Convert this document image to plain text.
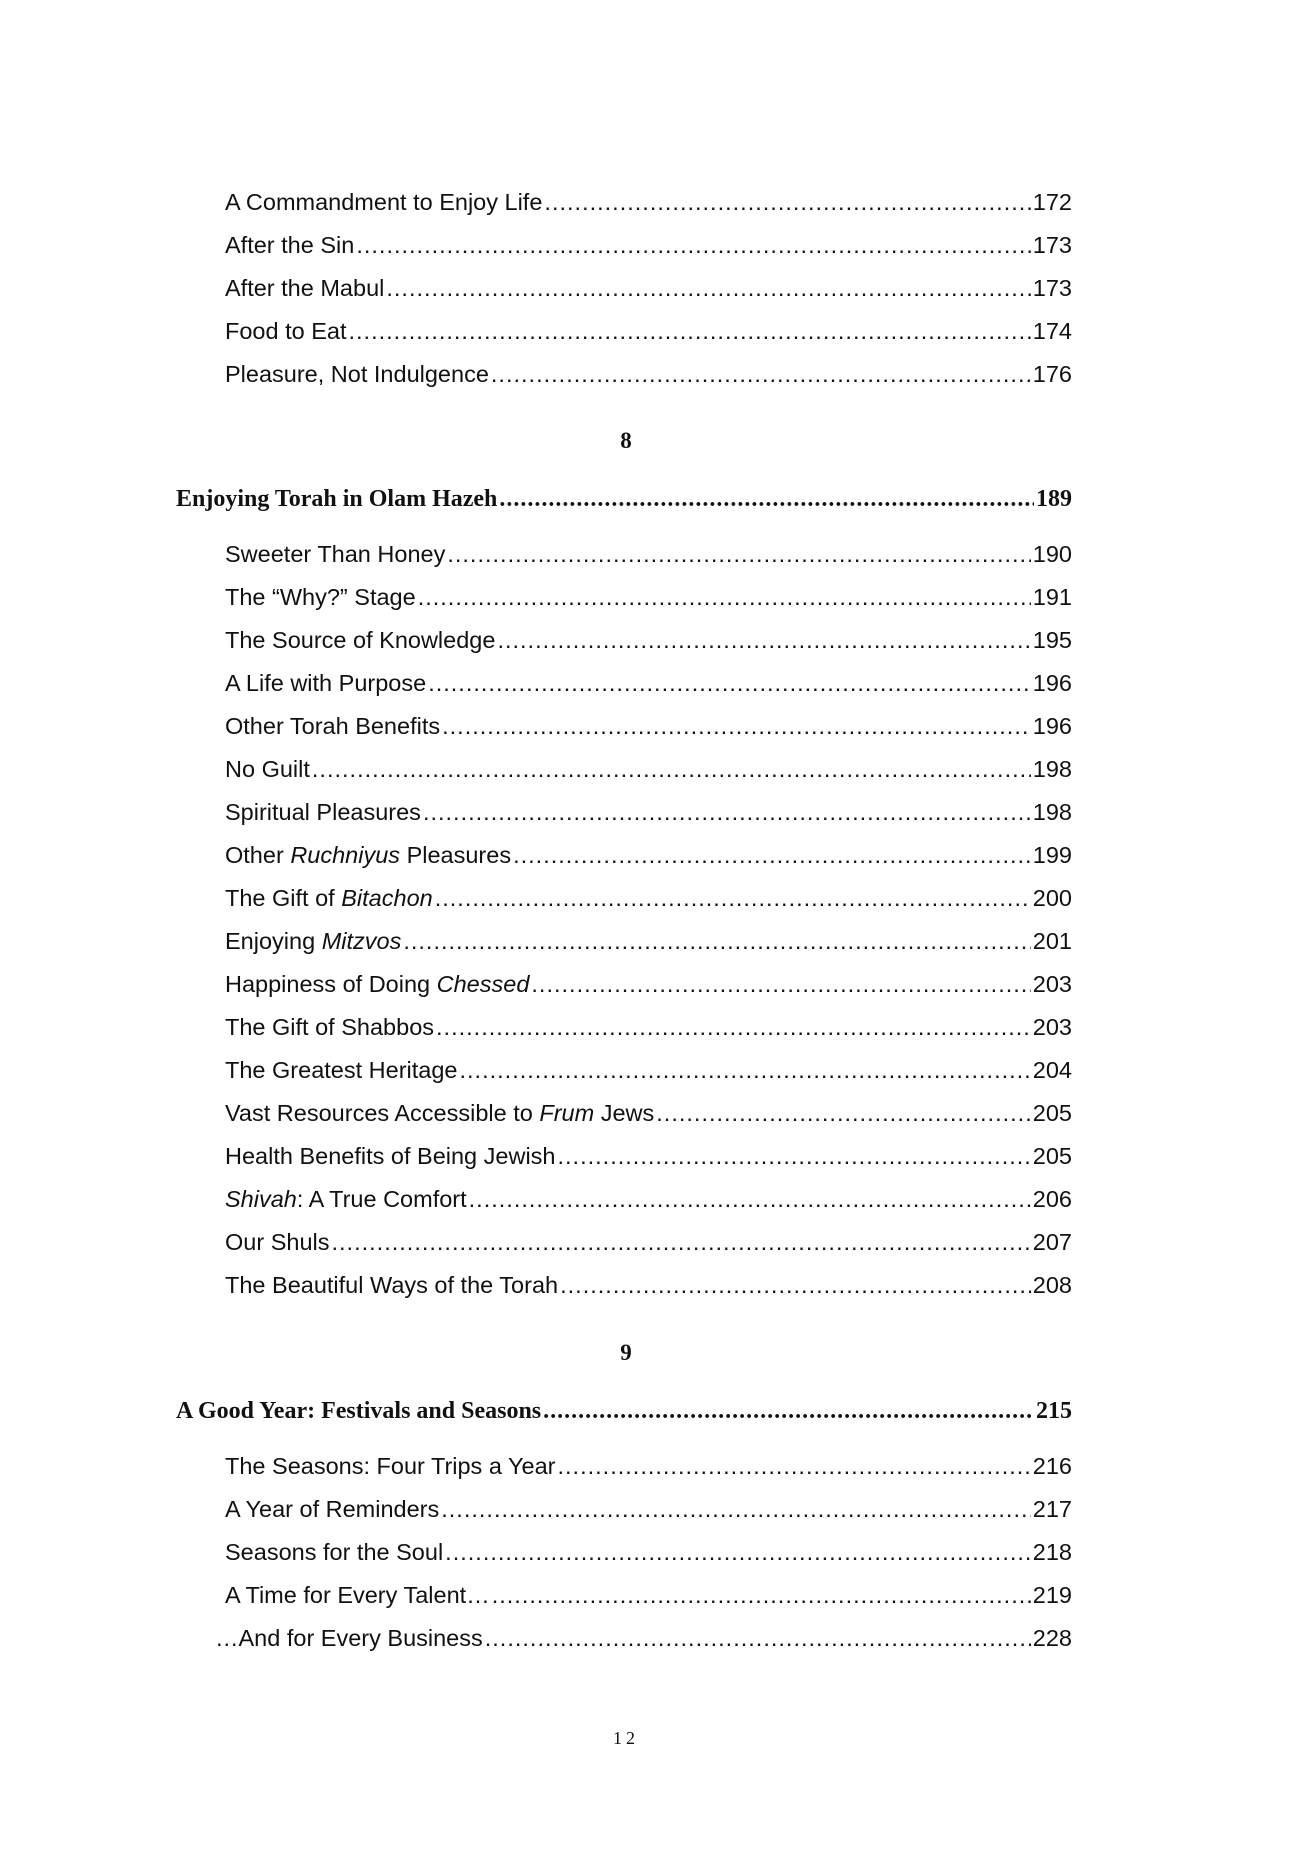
A Commandment to Enjoy Life .....	172
After the Sin .....	173
After the Mabul .....	173
Food to Eat .....	174
Pleasure, Not Indulgence .....	176
8
Enjoying Torah in Olam Hazeh .....	189
Sweeter Than Honey .....	190
The “Why?” Stage .....	191
The Source of Knowledge .....	195
A Life with Purpose .....	196
Other Torah Benefits .....	196
No Guilt .....	198
Spiritual Pleasures .....	198
Other Ruchniyus Pleasures .....	199
The Gift of Bitachon .....	200
Enjoying Mitzvos .....	201
Happiness of Doing Chessed .....	203
The Gift of Shabbos .....	203
The Greatest Heritage .....	204
Vast Resources Accessible to Frum Jews .....	205
Health Benefits of Being Jewish .....	205
Shivah: A True Comfort .....	206
Our Shuls .....	207
The Beautiful Ways of the Torah .....	208
9
A Good Year: Festivals and Seasons .....	215
The Seasons: Four Trips a Year .....	216
A Year of Reminders .....	217
Seasons for the Soul .....	218
A Time for Every Talent… .....	219
…And for Every Business .....	228
12
